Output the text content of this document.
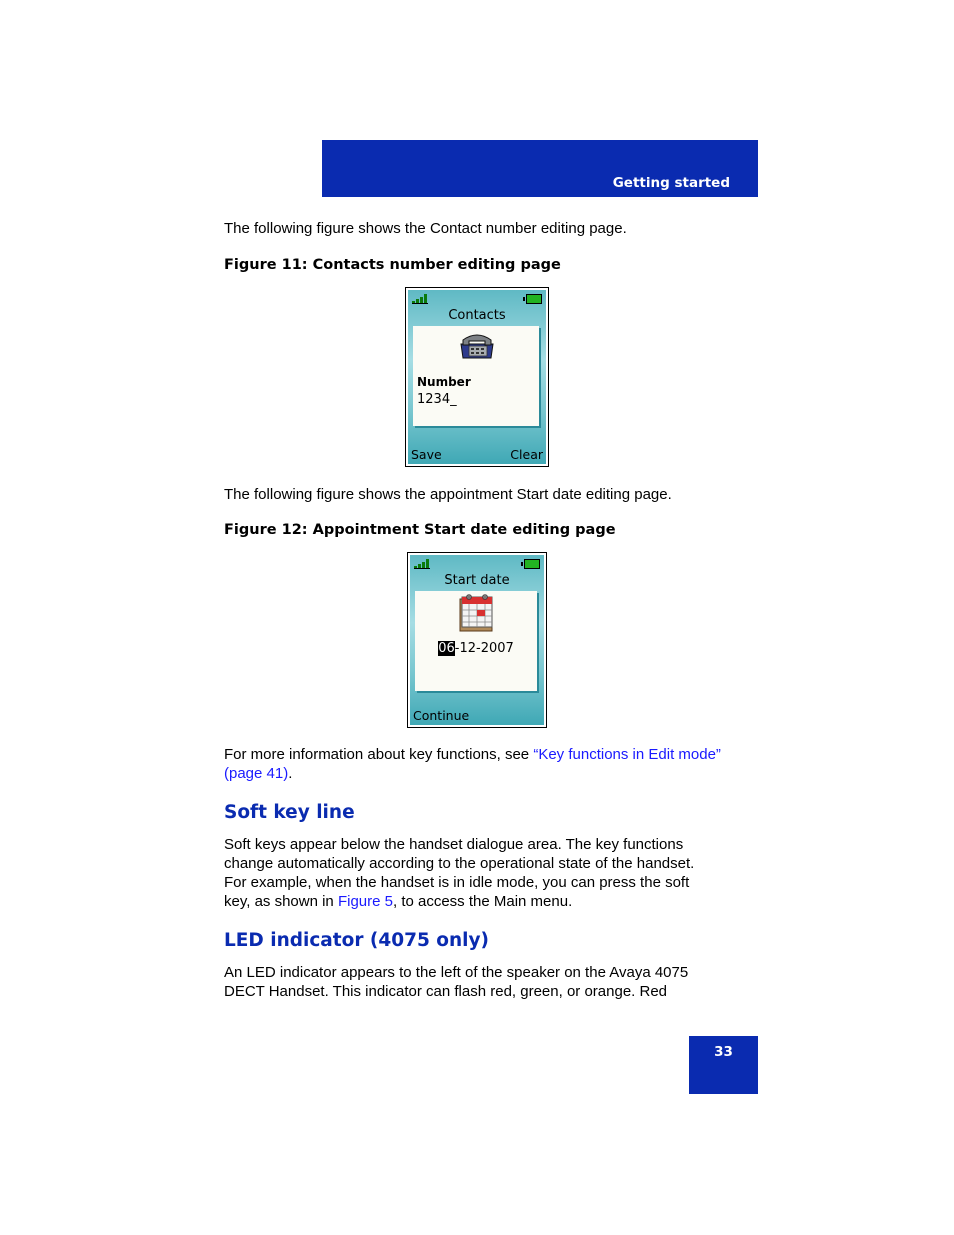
Getting started

The following figure shows the Contact number editing page.

Figure 11: Contacts number editing page
Contacts
Number
1234_
Save	Clear

The following figure shows the appointment Start date editing page.

Figure 12: Appointment Start date editing page
Start date
06-12-2007
Continue

For more information about key functions, see “Key functions in Edit mode” (page 41).

Soft key line

Soft keys appear below the handset dialogue area. The key functions change automatically according to the operational state of the handset. For example, when the handset is in idle mode, you can press the soft key, as shown in Figure 5, to access the Main menu.

LED indicator (4075 only)

An LED indicator appears to the left of the speaker on the Avaya 4075 DECT Handset. This indicator can flash red, green, or orange. Red

33
